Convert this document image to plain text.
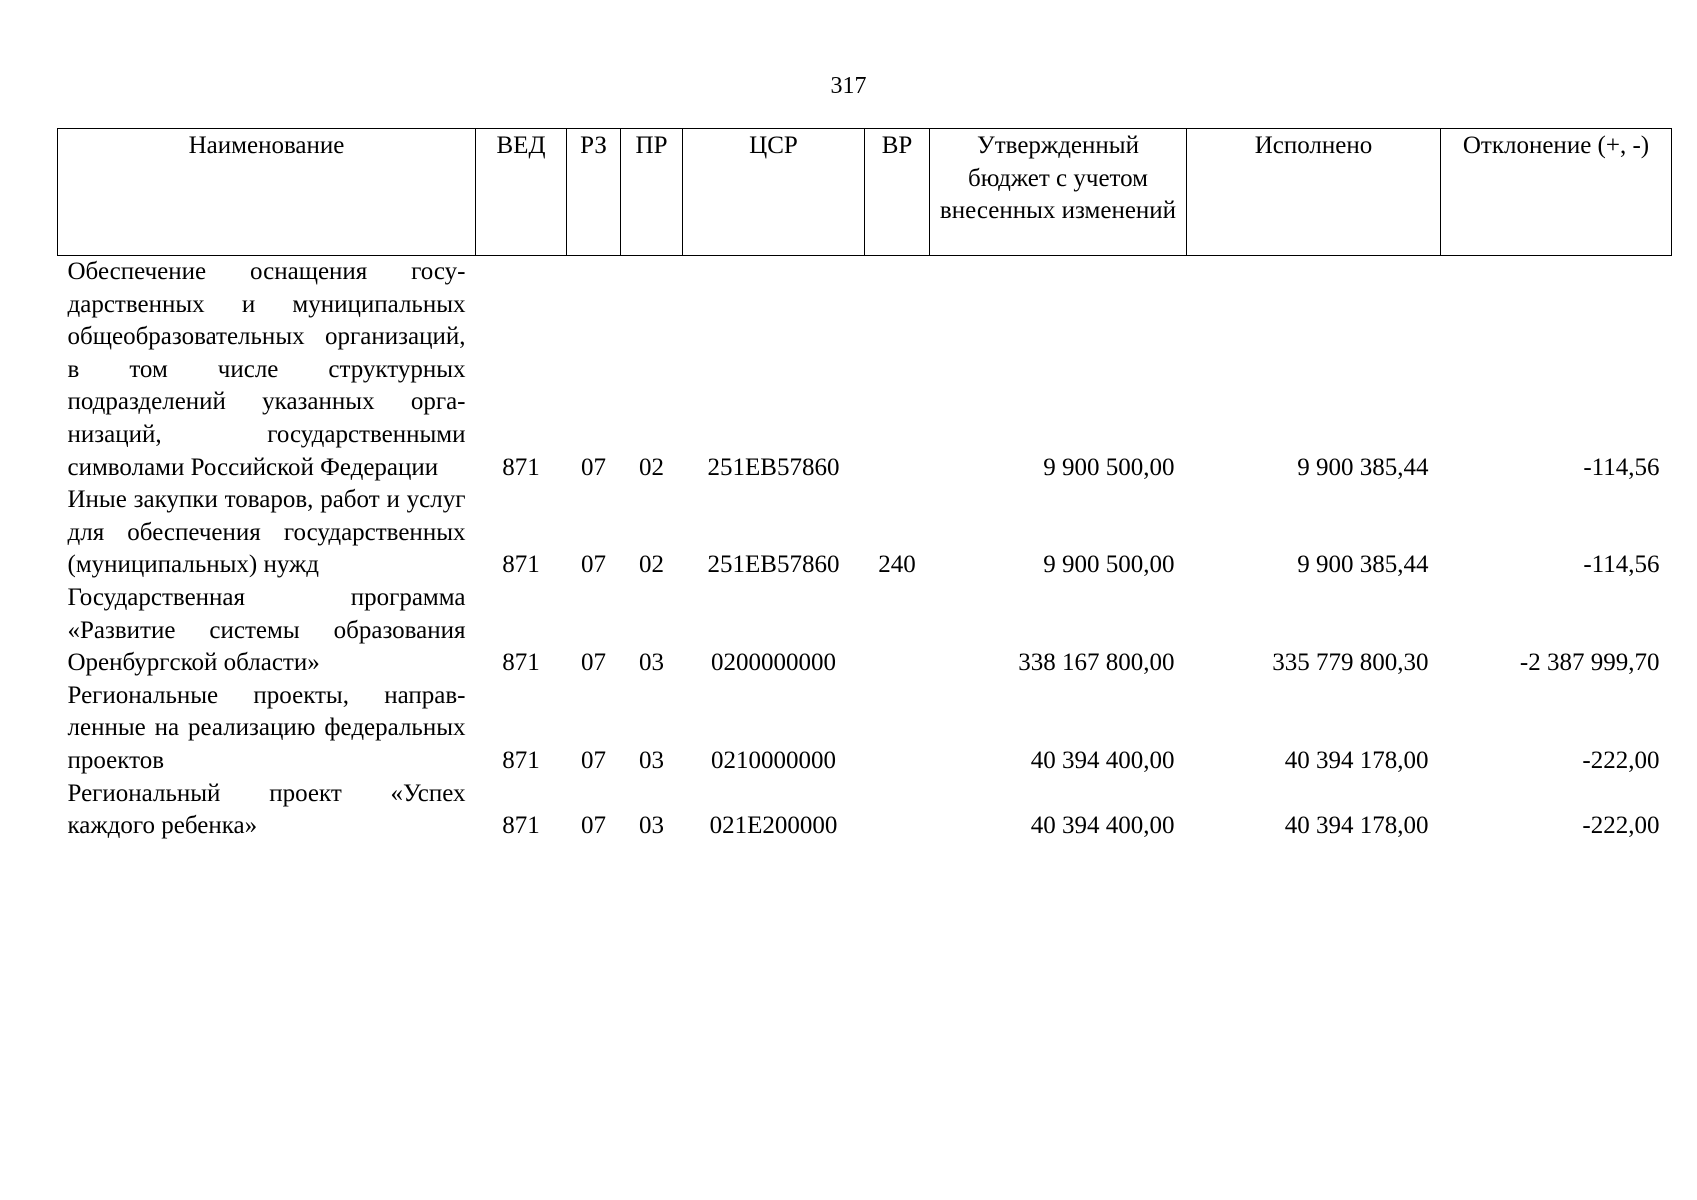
317
Наименование	ВЕД	РЗ	ПР	ЦСР	ВР	Утвержденный бюджет с учетом внесенных изменений	Исполнено	Отклонение (+, -)
Обеспечение оснащения государственных и муниципальных общеобразовательных организаций, в том числе структурных подразделений указанных организаций, государственными символами Российской Федерации	871	07	02	251EB57860		9 900 500,00	9 900 385,44	-114,56
Иные закупки товаров, работ и услуг для обеспечения государственных (муниципальных) нужд	871	07	02	251EB57860	240	9 900 500,00	9 900 385,44	-114,56
Государственная программа «Развитие системы образования Оренбургской области»	871	07	03	0200000000		338 167 800,00	335 779 800,30	-2 387 999,70
Региональные проекты, направленные на реализацию федеральных проектов	871	07	03	0210000000		40 394 400,00	40 394 178,00	-222,00
Региональный проект «Успех каждого ребенка»	871	07	03	021E200000		40 394 400,00	40 394 178,00	-222,00
